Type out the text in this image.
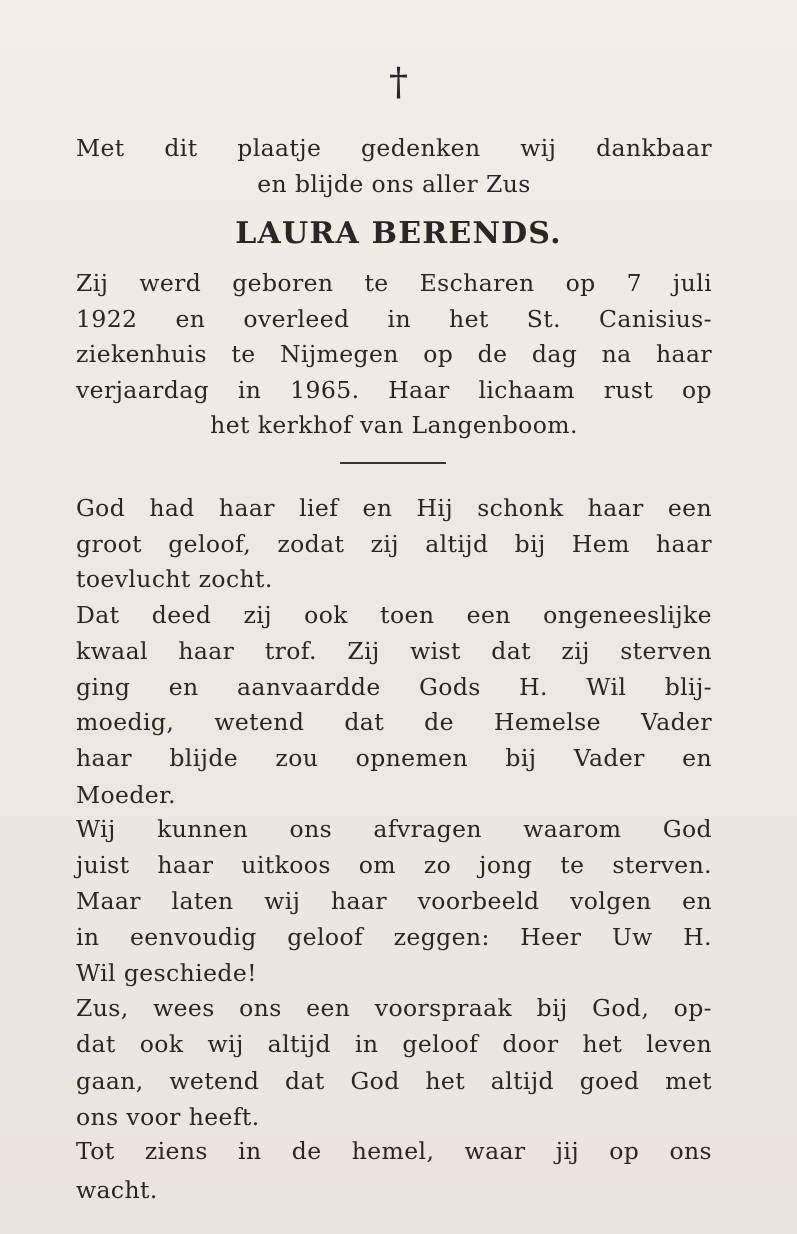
†
Met dit plaatje gedenken wij dankbaar
en blijde ons aller Zus
LAURA BERENDS.
Zij werd geboren te Escharen op 7 juli
1922 en overleed in het St. Canisius-
ziekenhuis te Nijmegen op de dag na haar
verjaardag in 1965. Haar lichaam rust op
het kerkhof van Langenboom.
God had haar lief en Hij schonk haar een
groot geloof, zodat zij altijd bij Hem haar
toevlucht zocht.
Dat deed zij ook toen een ongeneeslijke
kwaal haar trof. Zij wist dat zij sterven
ging en aanvaardde Gods H. Wil blij-
moedig, wetend dat de Hemelse Vader
haar blijde zou opnemen bij Vader en
Moeder.
Wij kunnen ons afvragen waarom God
juist haar uitkoos om zo jong te sterven.
Maar laten wij haar voorbeeld volgen en
in eenvoudig geloof zeggen: Heer Uw H.
Wil geschiede!
Zus, wees ons een voorspraak bij God, op-
dat ook wij altijd in geloof door het leven
gaan, wetend dat God het altijd goed met
ons voor heeft.
Tot ziens in de hemel, waar jij op ons
wacht.
